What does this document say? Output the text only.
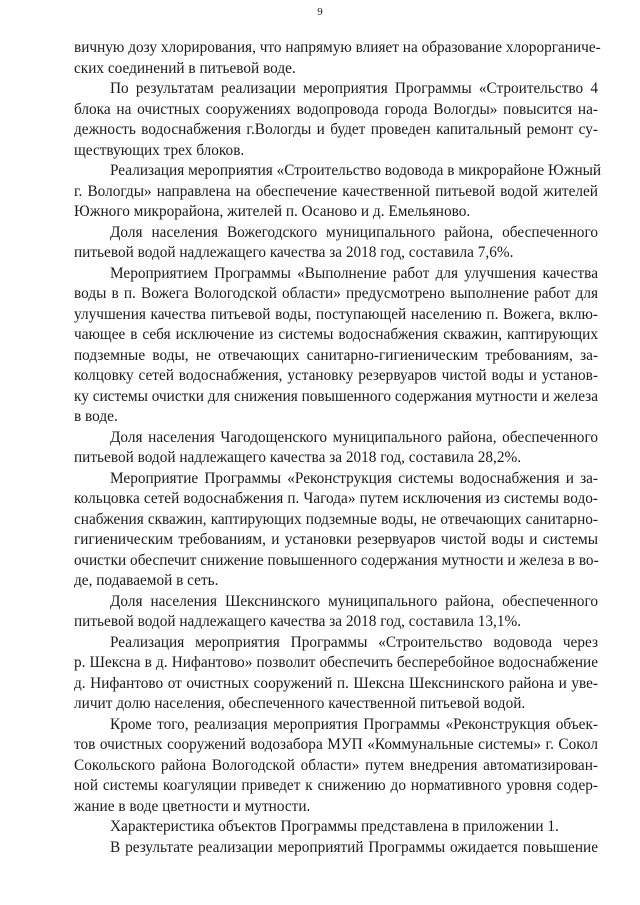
9
вичную дозу хлорирования, что напрямую влияет на образование хлорорганиче-
ских соединений в питьевой воде.
По результатам реализации мероприятия Программы «Строительство 4
блока на очистных сооружениях водопровода города Вологды» повысится на-
дежность водоснабжения г.Вологды и будет проведен капитальный ремонт су-
ществующих трех блоков.
Реализация мероприятия «Строительство водовода в микрорайоне Южный
г. Вологды» направлена на обеспечение качественной питьевой водой жителей
Южного микрорайона, жителей п. Осаново и д. Емельяново.
Доля населения Вожегодского муниципального района, обеспеченного
питьевой водой надлежащего качества за 2018 год, составила 7,6%.
Мероприятием Программы «Выполнение работ для улучшения качества
воды в п. Вожега Вологодской области» предусмотрено выполнение работ для
улучшения качества питьевой воды, поступающей населению п. Вожега, вклю-
чающее в себя исключение из системы водоснабжения скважин, каптирующих
подземные воды, не отвечающих санитарно-гигиеническим требованиям, за-
колцовку сетей водоснабжения, установку резервуаров чистой воды и установ-
ку системы очистки для снижения повышенного содержания мутности и железа
в воде.
Доля населения Чагодощенского муниципального района, обеспеченного
питьевой водой надлежащего качества за 2018 год, составила 28,2%.
Мероприятие Программы «Реконструкция системы водоснабжения и за-
кольцовка сетей водоснабжения п. Чагода» путем исключения из системы водо-
снабжения скважин, каптирующих подземные воды, не отвечающих санитарно-
гигиеническим требованиям, и установки резервуаров чистой воды и системы
очистки обеспечит снижение повышенного содержания мутности и железа в во-
де, подаваемой в сеть.
Доля населения Шекснинского муниципального района, обеспеченного
питьевой водой надлежащего качества за 2018 год, составила 13,1%.
Реализация мероприятия Программы «Строительство водовода через
р. Шексна в д. Нифантово» позволит обеспечить бесперебойное водоснабжение
д. Нифантово от очистных сооружений п. Шексна Шекснинского района и уве-
личит долю населения, обеспеченного качественной питьевой водой.
Кроме того, реализация мероприятия Программы «Реконструкция объек-
тов очистных сооружений водозабора МУП «Коммунальные системы» г. Сокол
Сокольского района Вологодской области» путем внедрения автоматизирован-
ной системы коагуляции приведет к снижению до нормативного уровня содер-
жание в воде цветности и мутности.
Характеристика объектов Программы представлена в приложении 1.
В результате реализации мероприятий Программы ожидается повышение
